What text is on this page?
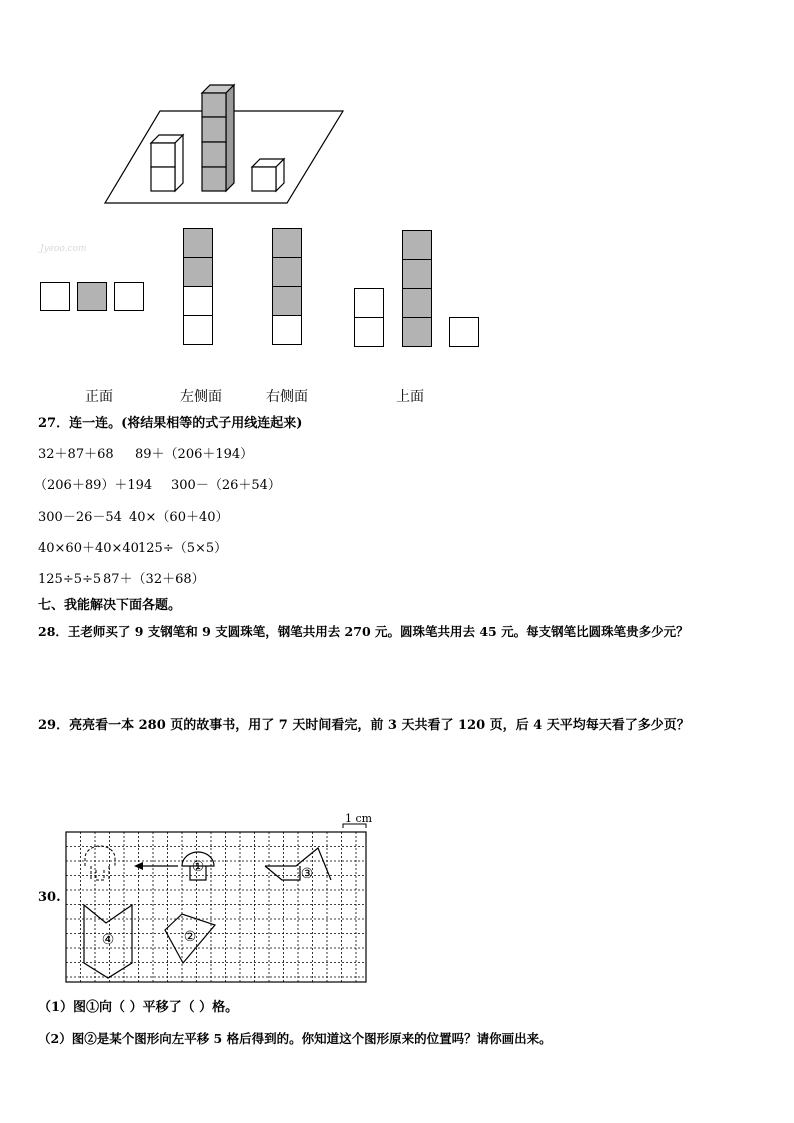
Jyeoo.com
正面	左侧面	右侧面	上面
27．连一连。(将结果相等的式子用线连起来)
32＋87＋68 89＋（206＋194）
（206＋89）＋194 300－（26＋54）
300－26－54 40×（60＋40）
40×60＋40×40 125÷（5×5）
125÷5÷5 87＋（32＋68）
七、我能解决下面各题。
28．王老师买了 9 支钢笔和 9 支圆珠笔，钢笔共用去 270 元。圆珠笔共用去 45 元。每支钢笔比圆珠笔贵多少元？
29．亮亮看一本 280 页的故事书，用了 7 天时间看完，前 3 天共看了 120 页，后 4 天平均每天看了多少页？
30.
1 cm
①	③
④	②
（1）图①向（ ）平移了（ ）格。
（2）图②是某个图形向左平移 5 格后得到的。你知道这个图形原来的位置吗？请你画出来。
